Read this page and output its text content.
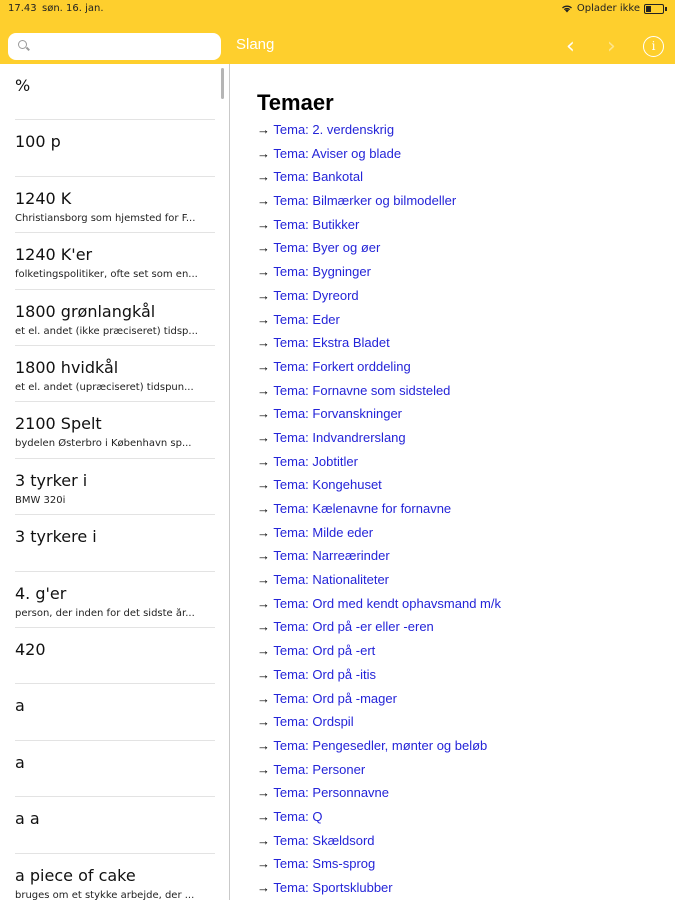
17.43 søn. 16. jan.	Oplader ikke
Slang	‹ ›	i
%
100 p
1240 K
Christiansborg som hjemsted for F...
1240 K'er
folketingspolitiker, ofte set som en...
1800 grønlangkål
et el. andet (ikke præciseret) tidsp...
1800 hvidkål
et el. andet (upræciseret) tidspun...
2100 Spelt
bydelen Østerbro i København sp...
3 tyrker i
BMW 320i
3 tyrkere i
4. g'er
person, der inden for det sidste år...
420
a
a
a a
a piece of cake
bruges om et stykke arbejde, der ...
Temaer
→ Tema: 2. verdenskrig
→ Tema: Aviser og blade
→ Tema: Bankotal
→ Tema: Bilmærker og bilmodeller
→ Tema: Butikker
→ Tema: Byer og øer
→ Tema: Bygninger
→ Tema: Dyreord
→ Tema: Eder
→ Tema: Ekstra Bladet
→ Tema: Forkert orddeling
→ Tema: Fornavne som sidsteled
→ Tema: Forvanskninger
→ Tema: Indvandrerslang
→ Tema: Jobtitler
→ Tema: Kongehuset
→ Tema: Kælenavne for fornavne
→ Tema: Milde eder
→ Tema: Narreærinder
→ Tema: Nationaliteter
→ Tema: Ord med kendt ophavsmand m/k
→ Tema: Ord på -er eller -eren
→ Tema: Ord på -ert
→ Tema: Ord på -itis
→ Tema: Ord på -mager
→ Tema: Ordspil
→ Tema: Pengesedler, mønter og beløb
→ Tema: Personer
→ Tema: Personnavne
→ Tema: Q
→ Tema: Skældsord
→ Tema: Sms-sprog
→ Tema: Sportsklubber
